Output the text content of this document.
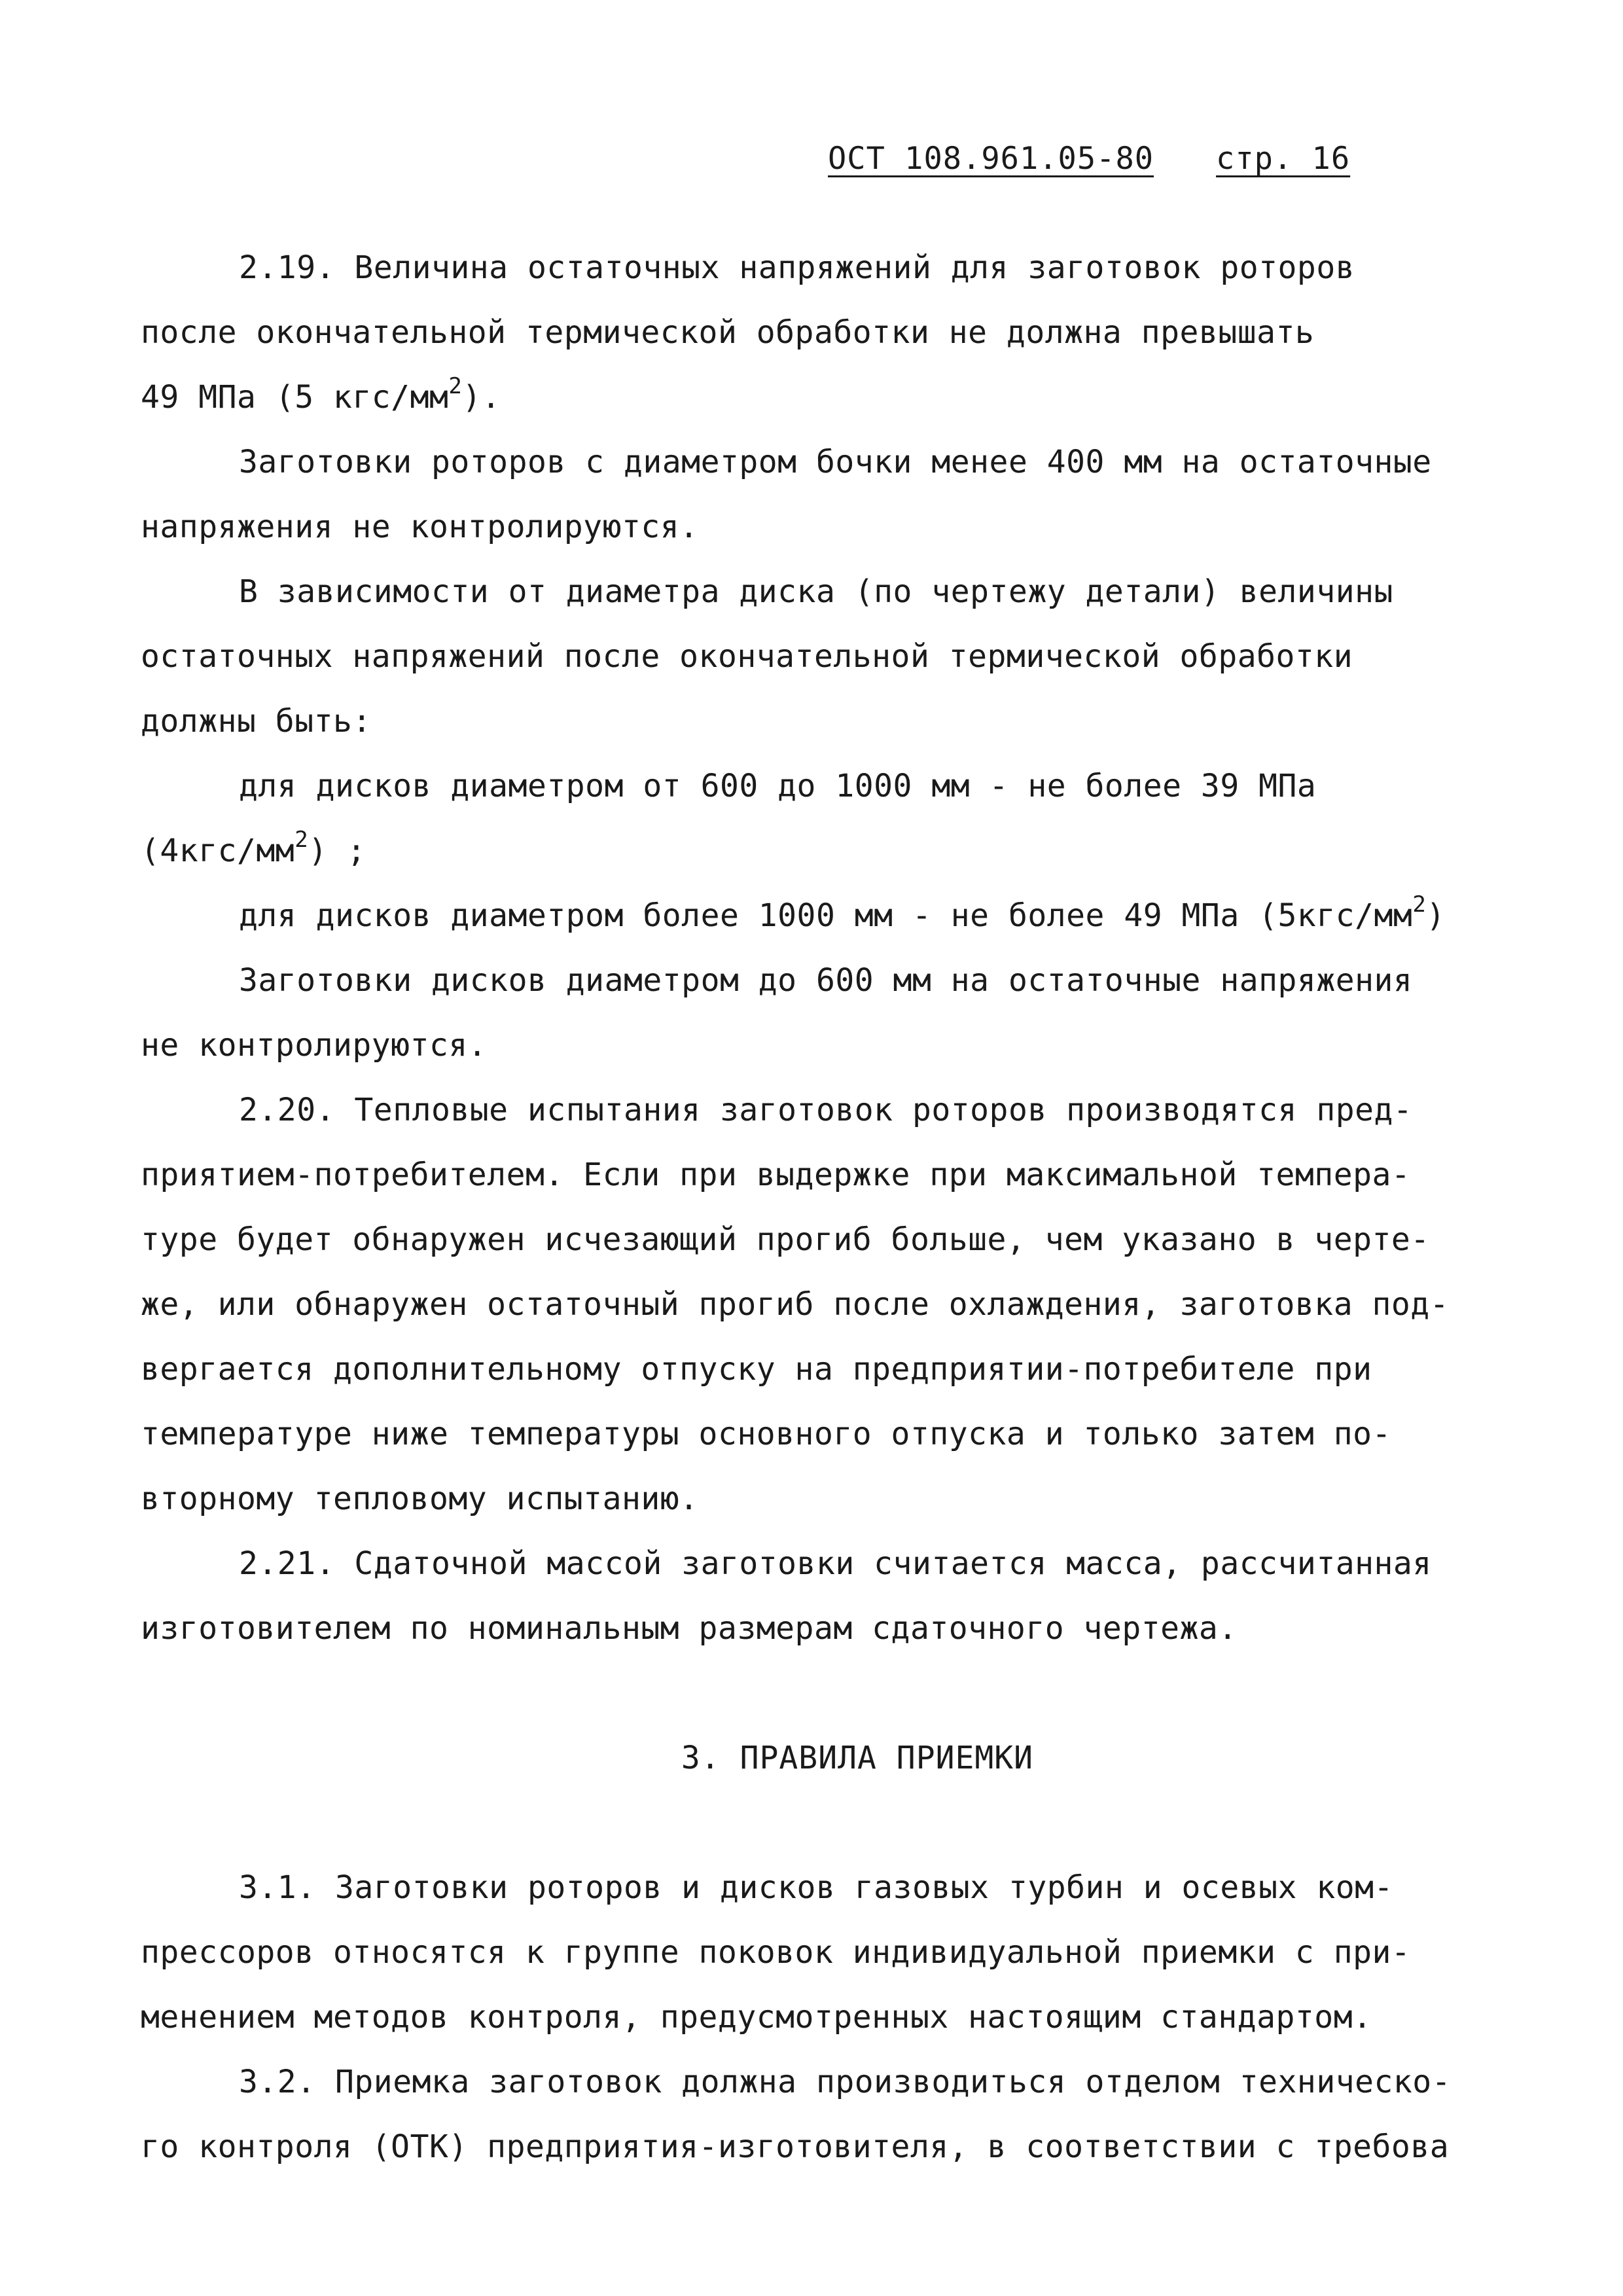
ОСТ 108.961.05-80 стр. 16
2.19. Величина остаточных напряжений для заготовок роторов
после окончательной термической обработки не должна превышать
49 МПа (5 кгс/$мм^2$).
Заготовки роторов с диаметром бочки менее 400 мм на остаточные
напряжения не контролируются.
В зависимости от диаметра диска (по чертежу детали) величины
остаточных напряжений после окончательной термической обработки
должны быть:
для дисков диаметром от 600 до 1000 мм - не более 39 МПа
$(4кгс/мм^2)$ ;
для дисков диаметром более 1000 мм - не более 49 МПа $(5кгс/мм^2)$
Заготовки дисков диаметром до 600 мм на остаточные напряжения
не контролируются.
2.20. Тепловые испытания заготовок роторов производятся пред-
приятием-потребителем. Если при выдержке при максимальной темпера-
туре будет обнаружен исчезающий прогиб больше, чем указано в черте-
же, или обнаружен остаточный прогиб после охлаждения, заготовка под-
вергается дополнительному отпуску на предприятии-потребителе при
температуре ниже температуры основного отпуска и только затем по-
вторному тепловому испытанию.
2.21. Сдаточной массой заготовки считается масса, рассчитанная
изготовителем по номинальным размерам сдаточного чертежа.
3. ПРАВИЛА ПРИЕМКИ
3.1. Заготовки роторов и дисков газовых турбин и осевых ком-
прессоров относятся к группе поковок индивидуальной приемки с при-
менением методов контроля, предусмотренных настоящим стандартом.
3.2. Приемка заготовок должна производиться отделом техническо-
го контроля (ОТК) предприятия-изготовителя, в соответствии с требова
